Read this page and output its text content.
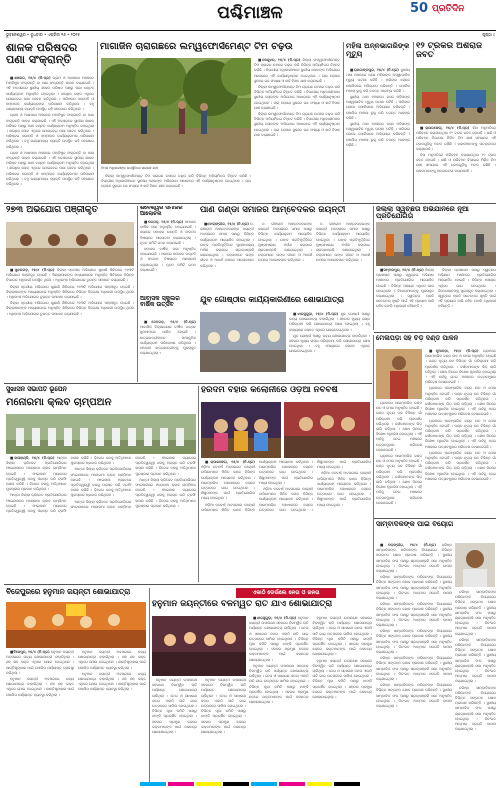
ପଶ୍ଚିମାଞ୍ଚଳ	50 ପ୍ରତିଦିନ
ଭୁବନେଶ୍ୱର • ବୁଧବାର • ଏପ୍ରିଲ ୧୬ • ୨୦୨୫	ପୃଷ୍ଠା ୯
ଶାଳକ ପରିଷଦର ପଣା ସଂକ୍ରାନ୍ତି

■ଶାଳେର, ୧୫/୪ (ନି.ପ୍ର) ଗ୍ରାମ ଓ ଆଖପାଖ ଅଞ୍ଚଳରେ ମହାବିଷୁବ ସଂକ୍ରାନ୍ତି ବା ପଣା ସଂକ୍ରାନ୍ତି ପାଳନ କରାଯାଇଛି । ଏହି ଅବସରରେ ସ୍ଥାନୀୟ ଶାଳକ ପରିଷଦ ପକ୍ଷରୁ ପଣା ବଣ୍ଟନ କାର୍ଯ୍ୟକ୍ରମ ଅନୁଷ୍ଠିତ ହୋଇଥିଲା । ଶତାଧିକ ଲୋକ ଏଥିରେ ଯୋଗଦେଇ ପଣା ସେବନ କରିଥିଲେ । ପରିଷଦର ସଭାପତି ଓ ସମ୍ପାଦକ କାର୍ଯ୍ୟକ୍ରମର ପରିଚାଳନା କରିଥିଲେ । ବହୁ ଗଣ୍ୟମାନ୍ୟ ବ୍ୟକ୍ତି ଉପସ୍ଥିତ ରହି ସହଯୋଗ କରିଥିଲେ ।

ଗ୍ରାମ ଓ ଆଖପାଖ ଅଞ୍ଚଳରେ ମହାବିଷୁବ ସଂକ୍ରାନ୍ତି ବା ପଣା ସଂକ୍ରାନ୍ତି ପାଳନ କରାଯାଇଛି । ଏହି ଅବସରରେ ସ୍ଥାନୀୟ ଶାଳକ ପରିଷଦ ପକ୍ଷରୁ ପଣା ବଣ୍ଟନ କାର୍ଯ୍ୟକ୍ରମ ଅନୁଷ୍ଠିତ ହୋଇଥିଲା । ଶତାଧିକ ଲୋକ ଏଥିରେ ଯୋଗଦେଇ ପଣା ସେବନ କରିଥିଲେ । ପରିଷଦର ସଭାପତି ଓ ସମ୍ପାଦକ କାର୍ଯ୍ୟକ୍ରମର ପରିଚାଳନା କରିଥିଲେ । ବହୁ ଗଣ୍ୟମାନ୍ୟ ବ୍ୟକ୍ତି ଉପସ୍ଥିତ ରହି ସହଯୋଗ କରିଥିଲେ ।

ଗ୍ରାମ ଓ ଆଖପାଖ ଅଞ୍ଚଳରେ ମହାବିଷୁବ ସଂକ୍ରାନ୍ତି ବା ପଣା ସଂକ୍ରାନ୍ତି ପାଳନ କରାଯାଇଛି । ଏହି ଅବସରରେ ସ୍ଥାନୀୟ ଶାଳକ ପରିଷଦ ପକ୍ଷରୁ ପଣା ବଣ୍ଟନ କାର୍ଯ୍ୟକ୍ରମ ଅନୁଷ୍ଠିତ ହୋଇଥିଲା । ଶତାଧିକ ଲୋକ ଏଥିରେ ଯୋଗଦେଇ ପଣା ସେବନ କରିଥିଲେ । ପରିଷଦର ସଭାପତି ଓ ସମ୍ପାଦକ କାର୍ଯ୍ୟକ୍ରମର ପରିଚାଳନା କରିଥିଲେ । ବହୁ ଗଣ୍ୟମାନ୍ୟ ବ୍ୟକ୍ତି ଉପସ୍ଥିତ ରହି ସହଯୋଗ କରିଥିଲେ ।

ମାଗାଜିନ ଚାରାଗଛରେ ଲମ୍ୱଫୋର୍ସମେଣ୍ଟ ଟିମ ଚଢ଼ଉ
ଟିମର ଅଧିକାରୀଙ୍କ ଉପସ୍ଥିତିରେ ଚାରାଗଛ ଯାଞ୍ଚ

■କେନ୍ଦୁଝର, ୧୫/୪ (ନି.ପ୍ର) ଜିଲ୍ଲା ଲମ୍ୱଫୋର୍ସମେଣ୍ଟ ଟିମ ଚାରାଗଛ ଉପରେ ଚଢ଼ଉ କରି ବିଭିନ୍ନ ଅନିୟମିତତା ଚିହ୍ନଟ କରିଛି । ବିଭାଗୀୟ ଅଧିକାରୀମାନେ ସ୍ଥାନୀୟ ଲୋକଙ୍କ ଅଭିଯୋଗ ଆଧାରରେ ଏହି କାର୍ଯ୍ୟାନୁଷ୍ଠାନ ନେଇଥିଲେ । ଚାରା ରୋପଣ ସ୍ଥଳରେ ଗଛ ସଂଖ୍ୟା ଓ ଖର୍ଚ୍ଚ ହିସାବ ଯାଞ୍ଚ କରାଯାଇଛି ।

ଜିଲ୍ଲା ଲମ୍ୱଫୋର୍ସମେଣ୍ଟ ଟିମ ଚାରାଗଛ ଉପରେ ଚଢ଼ଉ କରି ବିଭିନ୍ନ ଅନିୟମିତତା ଚିହ୍ନଟ କରିଛି । ବିଭାଗୀୟ ଅଧିକାରୀମାନେ ସ୍ଥାନୀୟ ଲୋକଙ୍କ ଅଭିଯୋଗ ଆଧାରରେ ଏହି କାର୍ଯ୍ୟାନୁଷ୍ଠାନ ନେଇଥିଲେ । ଚାରା ରୋପଣ ସ୍ଥଳରେ ଗଛ ସଂଖ୍ୟା ଓ ଖର୍ଚ୍ଚ ହିସାବ ଯାଞ୍ଚ କରାଯାଇଛି ।

ଜିଲ୍ଲା ଲମ୍ୱଫୋର୍ସମେଣ୍ଟ ଟିମ ଚାରାଗଛ ଉପରେ ଚଢ଼ଉ କରି ବିଭିନ୍ନ ଅନିୟମିତତା ଚିହ୍ନଟ କରିଛି । ବିଭାଗୀୟ ଅଧିକାରୀମାନେ ସ୍ଥାନୀୟ ଲୋକଙ୍କ ଅଭିଯୋଗ ଆଧାରରେ ଏହି କାର୍ଯ୍ୟାନୁଷ୍ଠାନ ନେଇଥିଲେ । ଚାରା ରୋପଣ ସ୍ଥଳରେ ଗଛ ସଂଖ୍ୟା ଓ ଖର୍ଚ୍ଚ ହିସାବ ଯାଞ୍ଚ କରାଯାଇଛି ।

ଜିଲ୍ଲା ଲମ୍ୱଫୋର୍ସମେଣ୍ଟ ଟିମ ଚାରାଗଛ ଉପରେ ଚଢ଼ଉ କରି ବିଭିନ୍ନ ଅନିୟମିତତା ଚିହ୍ନଟ କରିଛି । ବିଭାଗୀୟ ଅଧିକାରୀମାନେ ସ୍ଥାନୀୟ ଲୋକଙ୍କ ଅଭିଯୋଗ ଆଧାରରେ ଏହି କାର୍ଯ୍ୟାନୁଷ୍ଠାନ ନେଇଥିଲେ । ଚାରା ରୋପଣ ସ୍ଥଳରେ ଗଛ ସଂଖ୍ୟା ଓ ଖର୍ଚ୍ଚ ହିସାବ ଯାଞ୍ଚ କରାଯାଇଛି ।

ମହିଳା ଅନ୍ନଭାଗରିଙ୍କ ମୃତ୍ୟୁ

■ରାଜଗାଙ୍ଗପୁର, ୧୫/୪ (ନି.ପ୍ର) ସ୍ଥାନୀୟ ଥାନା ଅଞ୍ଚଳରେ ଜଣେ ମହିଳାଙ୍କ ଅସ୍ୱାଭାବିକ ମୃତ୍ୟୁ ଘଟଣା ଘଟିଛି । ପରିବାର ଲୋକେ ପୋଲିସରେ ଅଭିଯୋଗ କରିଛନ୍ତି । ପୋଲିସ ମାମଲା ରୁଜୁ କରି ତଦନ୍ତ ଆରମ୍ଭ କରିଛି ।

ସ୍ଥାନୀୟ ଥାନା ଅଞ୍ଚଳରେ ଜଣେ ମହିଳାଙ୍କ ଅସ୍ୱାଭାବିକ ମୃତ୍ୟୁ ଘଟଣା ଘଟିଛି । ପରିବାର ଲୋକେ ପୋଲିସରେ ଅଭିଯୋଗ କରିଛନ୍ତି । ପୋଲିସ ମାମଲା ରୁଜୁ କରି ତଦନ୍ତ ଆରମ୍ଭ କରିଛି ।

ସ୍ଥାନୀୟ ଥାନା ଅଞ୍ଚଳରେ ଜଣେ ମହିଳାଙ୍କ ଅସ୍ୱାଭାବିକ ମୃତ୍ୟୁ ଘଟଣା ଘଟିଛି । ପରିବାର ଲୋକେ ପୋଲିସରେ ଅଭିଯୋଗ କରିଛନ୍ତି । ପୋଲିସ ମାମଲା ରୁଜୁ କରି ତଦନ୍ତ ଆରମ୍ଭ କରିଛି ।

୧୨ ଟ୍ରକର ଅଁଶିରାଜ ଜବତ

■ରାଉରକେଲା, ୧୫/୪ (ନି.ପ୍ର) ବିନା ଅନୁମତିରେ ପରିବହନ କରାଯାଉଥିବା ୧୨ ଟ୍ରକ ଜବତ ହୋଇଛି । ଖଣି ଓ ପରିବହନ ବିଭାଗର ମିଳିତ ଟିମ ଯାଞ୍ଚ ସମୟରେ ଏହି ଟ୍ରକଗୁଡ଼ିକୁ ଅଟକ ରଖିଛି । ଚାଳକମାନଙ୍କୁ ପଚରାଉଚରା କରାଯାଉଛି ।

ବିନା ଅନୁମତିରେ ପରିବହନ କରାଯାଉଥିବା ୧୨ ଟ୍ରକ ଜବତ ହୋଇଛି । ଖଣି ଓ ପରିବହନ ବିଭାଗର ମିଳିତ ଟିମ ଯାଞ୍ଚ ସମୟରେ ଏହି ଟ୍ରକଗୁଡ଼ିକୁ ଅଟକ ରଖିଛି । ଚାଳକମାନଙ୍କୁ ପଚରାଉଚରା କରାଯାଉଛି ।

୨୭୩ ଅଭିଯୋଗ ପଞ୍ଜୀକୃତ

■ସୁନ୍ଦରଗଡ଼, ୧୫/୪ (ନି.ପ୍ର) ଜିଲ୍ଲା ସ୍ତରୀୟ ଅଭିଯୋଗ ଶୁଣାଣି ଶିବିରରେ ୨୭୩ଟି ଅଭିଯୋଗ ପଞ୍ଜୀକୃତ ହୋଇଛି । ଜିଲ୍ଲାପାଳଙ୍କ ଅଧ୍ୟକ୍ଷତାରେ ଅନୁଷ୍ଠିତ ଶିବିରରେ ବିଭିନ୍ନ ବିଭାଗର ଅଧିକାରୀ ଉପସ୍ଥିତ ଥିଲେ । ଅଧିକାଂଶ ଅଭିଯୋଗର ତୁରନ୍ତ ସମାଧାନ କରାଯାଇଛି ।

ଜିଲ୍ଲା ସ୍ତରୀୟ ଅଭିଯୋଗ ଶୁଣାଣି ଶିବିରରେ ୨୭୩ଟି ଅଭିଯୋଗ ପଞ୍ଜୀକୃତ ହୋଇଛି । ଜିଲ୍ଲାପାଳଙ୍କ ଅଧ୍ୟକ୍ଷତାରେ ଅନୁଷ୍ଠିତ ଶିବିରରେ ବିଭିନ୍ନ ବିଭାଗର ଅଧିକାରୀ ଉପସ୍ଥିତ ଥିଲେ । ଅଧିକାଂଶ ଅଭିଯୋଗର ତୁରନ୍ତ ସମାଧାନ କରାଯାଇଛି ।

ଜିଲ୍ଲା ସ୍ତରୀୟ ଅଭିଯୋଗ ଶୁଣାଣି ଶିବିରରେ ୨୭୩ଟି ଅଭିଯୋଗ ପଞ୍ଜୀକୃତ ହୋଇଛି । ଜିଲ୍ଲାପାଳଙ୍କ ଅଧ୍ୟକ୍ଷତାରେ ଅନୁଷ୍ଠିତ ଶିବିରରେ ବିଭିନ୍ନ ବିଭାଗର ଅଧିକାରୀ ଉପସ୍ଥିତ ଥିଲେ । ଅଧିକାଂଶ ଅଭିଯୋଗର ତୁରନ୍ତ ସମାଧାନ କରାଯାଇଛି ।

ଶିବେଶ୍ୱର ସମାଜର ଆଲୋଚନା

■ବରଗଡ଼, ୧୫/୪ (ନି.ପ୍ର) ସମାଜର ବାର୍ଷିକ ସଭା ଅନୁଷ୍ଠିତ ହୋଇଯାଇଛି । ସଭାରେ ସମାଜର ଉନ୍ନତି ଓ ସଂଗଠନ ବିଷୟରେ ଆଲୋଚନା କରାଯାଇଥିଲା । ନୂତନ କମିଟି ଗଠନ କରାଯାଇଛି ।

ସମାଜର ବାର୍ଷିକ ସଭା ଅନୁଷ୍ଠିତ ହୋଇଯାଇଛି । ସଭାରେ ସମାଜର ଉନ୍ନତି ଓ ସଂଗଠନ ବିଷୟରେ ଆଲୋଚନା କରାଯାଇଥିଲା । ନୂତନ କମିଟି ଗଠନ କରାଯାଇଛି ।

ପାଣି ଗଣ୍ଡା ସମାଜର ଆମ୍ବେଦକର ଜୟନ୍ତୀ

■ବୋଲାଙ୍ଗୀର, ୧୫/୪ (ନି.ପ୍ର) ଡ. ଭୀମରାଓ ଆମ୍ବେଦକରଙ୍କ ଜୟନ୍ତୀ ଅବସରରେ ସମାଜ ପକ୍ଷରୁ ବିଭିନ୍ନ କାର୍ଯ୍ୟକ୍ରମ ଆୟୋଜିତ ହୋଇଥିଲା । ତାଙ୍କ ପ୍ରତିମୂର୍ତ୍ତିରେ ପୁଷ୍ପମାଲ୍ୟ ଅର୍ପଣ କରାଯାଇ ଶ୍ରଦ୍ଧାଞ୍ଜଳି ଜଣାଯାଇଥିଲା । ବକ୍ତାମାନେ ତାଙ୍କ ଜୀବନ ଓ ଆଦର୍ଶ ଉପରେ ଆଲୋକପାତ କରିଥିଲେ ।

ଡ. ଭୀମରାଓ ଆମ୍ବେଦକରଙ୍କ ଜୟନ୍ତୀ ଅବସରରେ ସମାଜ ପକ୍ଷରୁ ବିଭିନ୍ନ କାର୍ଯ୍ୟକ୍ରମ ଆୟୋଜିତ ହୋଇଥିଲା । ତାଙ୍କ ପ୍ରତିମୂର୍ତ୍ତିରେ ପୁଷ୍ପମାଲ୍ୟ ଅର୍ପଣ କରାଯାଇ ଶ୍ରଦ୍ଧାଞ୍ଜଳି ଜଣାଯାଇଥିଲା । ବକ୍ତାମାନେ ତାଙ୍କ ଜୀବନ ଓ ଆଦର୍ଶ ଉପରେ ଆଲୋକପାତ କରିଥିଲେ ।

ଡ. ଭୀମରାଓ ଆମ୍ବେଦକରଙ୍କ ଜୟନ୍ତୀ ଅବସରରେ ସମାଜ ପକ୍ଷରୁ ବିଭିନ୍ନ କାର୍ଯ୍ୟକ୍ରମ ଆୟୋଜିତ ହୋଇଥିଲା । ତାଙ୍କ ପ୍ରତିମୂର୍ତ୍ତିରେ ପୁଷ୍ପମାଲ୍ୟ ଅର୍ପଣ କରାଯାଇ ଶ୍ରଦ୍ଧାଞ୍ଜଳି ଜଣାଯାଇଥିଲା । ବକ୍ତାମାନେ ତାଙ୍କ ଜୀବନ ଓ ଆଦର୍ଶ ଉପରେ ଆଲୋକପାତ କରିଥିଲେ ।

ଜିଲ୍ଲା ସ୍ୱଚ୍ଛତା ଅଭିଯାନରେ ନୂଆ ପ୍ରତିଯୋଗିତା

■ସମ୍ବଲପୁର, ୧୫/୪ (ନି.ପ୍ର) ଜିଲ୍ଲା ପ୍ରଶାସନ ପକ୍ଷରୁ ସ୍ୱଚ୍ଛତା ଅଭିଯାନ ଅଧୀନରେ ପ୍ରତିଯୋଗିତା ଆୟୋଜିତ ହୋଇଛି । ବିଭିନ୍ନ ପଞ୍ଚାୟତ ଏଥିରେ ଭାଗ ନେଇଥିଲେ । ବିଜେତାମାନଙ୍କୁ ପୁରସ୍କୃତ କରାଯାଇଥିଲା । ସ୍ୱଚ୍ଛତା ପ୍ରତି ସଚେତନତା ସୃଷ୍ଟି ପାଇଁ ଏହି ପ୍ରୟାସ ଜାରି ରହିବ ବୋଲି ଅଧିକାରୀ କହିଛନ୍ତି ।

ଜିଲ୍ଲା ପ୍ରଶାସନ ପକ୍ଷରୁ ସ୍ୱଚ୍ଛତା ଅଭିଯାନ ଅଧୀନରେ ପ୍ରତିଯୋଗିତା ଆୟୋଜିତ ହୋଇଛି । ବିଭିନ୍ନ ପଞ୍ଚାୟତ ଏଥିରେ ଭାଗ ନେଇଥିଲେ । ବିଜେତାମାନଙ୍କୁ ପୁରସ୍କୃତ କରାଯାଇଥିଲା । ସ୍ୱଚ୍ଛତା ପ୍ରତି ସଚେତନତା ସୃଷ୍ଟି ପାଇଁ ଏହି ପ୍ରୟାସ ଜାରି ରହିବ ବୋଲି ଅଧିକାରୀ କହିଛନ୍ତି ।

ଯୁବ ଗୋଷ୍ଠୀର କାର୍ଯ୍ୟକାରିଣୀରେ ଶୋଭାଯାତ୍ରା

■ଝାରସୁଗୁଡ଼ା, ୧୫/୪ (ନି.ପ୍ର) ଯୁବ ଗୋଷ୍ଠୀ ପକ୍ଷରୁ ଭବ୍ୟ ଶୋଭାଯାତ୍ରା ବାହାରିଥିଲା । ସହରର ମୁଖ୍ୟ ରାସ୍ତା ପରିକ୍ରମା କରି ଶୋଭାଯାତ୍ରା ଶେଷ ହୋଇଥିଲା । ବହୁ ସଂଖ୍ୟାରେ ଲୋକେ ଏଥିରେ ଯୋଗଦେଇଥିଲେ ।

ଯୁବ ଗୋଷ୍ଠୀ ପକ୍ଷରୁ ଭବ୍ୟ ଶୋଭାଯାତ୍ରା ବାହାରିଥିଲା । ସହରର ମୁଖ୍ୟ ରାସ୍ତା ପରିକ୍ରମା କରି ଶୋଭାଯାତ୍ରା ଶେଷ ହୋଇଥିଲା । ବହୁ ସଂଖ୍ୟାରେ ଲୋକେ ଏଥିରେ ଯୋଗଦେଇଥିଲେ ।

ଆବାସିକ ସ୍କୁଲର ବାର୍ଷିକ ଉତ୍ସବ

■ଦେବଗଡ଼, ୧୫/୪ (ନି.ପ୍ର) ଆବାସିକ ବିଦ୍ୟାଳୟର ବାର୍ଷିକ ଉତ୍ସବ ଧୁମଧାମରେ ପାଳିତ ହୋଇଛି । ଛାତ୍ରଛାତ୍ରୀମାନେ ସାଂସ୍କୃତିକ କାର୍ଯ୍ୟକ୍ରମ ପରିବେଷଣ କରିଥିଲେ । ମେଧାବୀ ଛାତ୍ରଛାତ୍ରୀଙ୍କୁ ପୁରସ୍କୃତ କରାଯାଇଥିଲା ।

ମେଳାପଡ଼ା ସହ ଚିଡ଼ି ଦଣ୍ଡ ପାଳନ

■ନୂଆପଡ଼ା, ୧୫/୪ (ନି.ପ୍ର) ଗ୍ରାମରେ ପାରମ୍ପରିକ ଦଣ୍ଡ ନାଚ ଓ ମେଳା ଅନୁଷ୍ଠିତ ହୋଇଛି । ଦଣ୍ଡ ନୃତ୍ୟ ଦଳ ବିଭିନ୍ନ ଗାଁ ପରିକ୍ରମା କରି ପ୍ରଦର୍ଶନ କରିଥିଲେ । ଦର୍ଶକମାନଙ୍କ ଭିଡ଼ ଲାଗି ରହିଥିଲା । ଶେଷ ଦିନରେ ବିଶେଷ ପୂଜାର୍ଚ୍ଚନା ହୋଇଥିଲା । ଏହି ପର୍ବକୁ ନେଇ ଅଞ୍ଚଳରେ ଉତ୍ସବମୁଖର ପରିବେଶ ଦେଖାଦେଇଛି ।

ଗ୍ରାମରେ ପାରମ୍ପରିକ ଦଣ୍ଡ ନାଚ ଓ ମେଳା ଅନୁଷ୍ଠିତ ହୋଇଛି । ଦଣ୍ଡ ନୃତ୍ୟ ଦଳ ବିଭିନ୍ନ ଗାଁ ପରିକ୍ରମା କରି ପ୍ରଦର୍ଶନ କରିଥିଲେ । ଦର୍ଶକମାନଙ୍କ ଭିଡ଼ ଲାଗି ରହିଥିଲା । ଶେଷ ଦିନରେ ବିଶେଷ ପୂଜାର୍ଚ୍ଚନା ହୋଇଥିଲା । ଏହି ପର୍ବକୁ ନେଇ ଅଞ୍ଚଳରେ ଉତ୍ସବମୁଖର ପରିବେଶ ଦେଖାଦେଇଛି ।

ଗ୍ରାମରେ ପାରମ୍ପରିକ ଦଣ୍ଡ ନାଚ ଓ ମେଳା ଅନୁଷ୍ଠିତ ହୋଇଛି । ଦଣ୍ଡ ନୃତ୍ୟ ଦଳ ବିଭିନ୍ନ ଗାଁ ପରିକ୍ରମା କରି ପ୍ରଦର୍ଶନ କରିଥିଲେ । ଦର୍ଶକମାନଙ୍କ ଭିଡ଼ ଲାଗି ରହିଥିଲା । ଶେଷ ଦିନରେ ବିଶେଷ ପୂଜାର୍ଚ୍ଚନା ହୋଇଥିଲା । ଏହି ପର୍ବକୁ ନେଇ ଅଞ୍ଚଳରେ ଉତ୍ସବମୁଖର ପରିବେଶ ଦେଖାଦେଇଛି ।

ଗ୍ରାମରେ ପାରମ୍ପରିକ ଦଣ୍ଡ ନାଚ ଓ ମେଳା ଅନୁଷ୍ଠିତ ହୋଇଛି । ଦଣ୍ଡ ନୃତ୍ୟ ଦଳ ବିଭିନ୍ନ ଗାଁ ପରିକ୍ରମା କରି ପ୍ରଦର୍ଶନ କରିଥିଲେ । ଦର୍ଶକମାନଙ୍କ ଭିଡ଼ ଲାଗି ରହିଥିଲା । ଶେଷ ଦିନରେ ବିଶେଷ ପୂଜାର୍ଚ୍ଚନା ହୋଇଥିଲା । ଏହି ପର୍ବକୁ ନେଇ ଅଞ୍ଚଳରେ ଉତ୍ସବମୁଖର ପରିବେଶ ଦେଖାଦେଇଛି ।

ଗ୍ରାମରେ ପାରମ୍ପରିକ ଦଣ୍ଡ ନାଚ ଓ ମେଳା ଅନୁଷ୍ଠିତ ହୋଇଛି । ଦଣ୍ଡ ନୃତ୍ୟ ଦଳ ବିଭିନ୍ନ ଗାଁ ପରିକ୍ରମା କରି ପ୍ରଦର୍ଶନ କରିଥିଲେ । ଦର୍ଶକମାନଙ୍କ ଭିଡ଼ ଲାଗି ରହିଥିଲା । ଶେଷ ଦିନରେ ବିଶେଷ ପୂଜାର୍ଚ୍ଚନା ହୋଇଥିଲା । ଏହି ପର୍ବକୁ ନେଇ ଅଞ୍ଚଳରେ ଉତ୍ସବମୁଖର ପରିବେଶ ଦେଖାଦେଇଛି ।

ଗ୍ରାମରେ ପାରମ୍ପରିକ ଦଣ୍ଡ ନାଚ ଓ ମେଳା ଅନୁଷ୍ଠିତ ହୋଇଛି । ଦଣ୍ଡ ନୃତ୍ୟ ଦଳ ବିଭିନ୍ନ ଗାଁ ପରିକ୍ରମା କରି ପ୍ରଦର୍ଶନ କରିଥିଲେ । ଦର୍ଶକମାନଙ୍କ ଭିଡ଼ ଲାଗି ରହିଥିଲା । ଶେଷ ଦିନରେ ବିଶେଷ ପୂଜାର୍ଚ୍ଚନା ହୋଇଥିଲା । ଏହି ପର୍ବକୁ ନେଇ ଅଞ୍ଚଳରେ ଉତ୍ସବମୁଖର ପରିବେଶ ଦେଖାଦେଇଛି ।

ସୁଖାସନ ସଭାପତି ଭୂପେନ
ମନୋରମା କ୍ଲବ ଚାମ୍ପିଅନ

■କଳାହାଣ୍ଡି, ୧୫/୪ (ନି.ପ୍ର) ଆନ୍ତଃ ଜିଲ୍ଲା କ୍ରିକେଟ ପ୍ରତିଯୋଗିତାର ଫାଇନାଲରେ ମନୋରମା କ୍ଲବ ଚାମ୍ପିଅନ ହୋଇଛି । ଫାଇନାଲ ମ୍ୟାଚରେ ପ୍ରତିଦ୍ୱନ୍ଦ୍ୱୀ ଦଳକୁ ପରାସ୍ତ କରି ଟ୍ରଫି ହାସଲ କରିଛି । ବିଜେତା ଦଳକୁ ଅତିଥିମାନେ ପୁରସ୍କାର ପ୍ରଦାନ କରିଥିଲେ ।

ଆନ୍ତଃ ଜିଲ୍ଲା କ୍ରିକେଟ ପ୍ରତିଯୋଗିତାର ଫାଇନାଲରେ ମନୋରମା କ୍ଲବ ଚାମ୍ପିଅନ ହୋଇଛି । ଫାଇନାଲ ମ୍ୟାଚରେ ପ୍ରତିଦ୍ୱନ୍ଦ୍ୱୀ ଦଳକୁ ପରାସ୍ତ କରି ଟ୍ରଫି ହାସଲ କରିଛି । ବିଜେତା ଦଳକୁ ଅତିଥିମାନେ ପୁରସ୍କାର ପ୍ରଦାନ କରିଥିଲେ ।

ଆନ୍ତଃ ଜିଲ୍ଲା କ୍ରିକେଟ ପ୍ରତିଯୋଗିତାର ଫାଇନାଲରେ ମନୋରମା କ୍ଲବ ଚାମ୍ପିଅନ ହୋଇଛି । ଫାଇନାଲ ମ୍ୟାଚରେ ପ୍ରତିଦ୍ୱନ୍ଦ୍ୱୀ ଦଳକୁ ପରାସ୍ତ କରି ଟ୍ରଫି ହାସଲ କରିଛି । ବିଜେତା ଦଳକୁ ଅତିଥିମାନେ ପୁରସ୍କାର ପ୍ରଦାନ କରିଥିଲେ ।

ଆନ୍ତଃ ଜିଲ୍ଲା କ୍ରିକେଟ ପ୍ରତିଯୋଗିତାର ଫାଇନାଲରେ ମନୋରମା କ୍ଲବ ଚାମ୍ପିଅନ ହୋଇଛି । ଫାଇନାଲ ମ୍ୟାଚରେ ପ୍ରତିଦ୍ୱନ୍ଦ୍ୱୀ ଦଳକୁ ପରାସ୍ତ କରି ଟ୍ରଫି ହାସଲ କରିଛି । ବିଜେତା ଦଳକୁ ଅତିଥିମାନେ ପୁରସ୍କାର ପ୍ରଦାନ କରିଥିଲେ ।

ଆନ୍ତଃ ଜିଲ୍ଲା କ୍ରିକେଟ ପ୍ରତିଯୋଗିତାର ଫାଇନାଲରେ ମନୋରମା କ୍ଲବ ଚାମ୍ପିଅନ ହୋଇଛି । ଫାଇନାଲ ମ୍ୟାଚରେ ପ୍ରତିଦ୍ୱନ୍ଦ୍ୱୀ ଦଳକୁ ପରାସ୍ତ କରି ଟ୍ରଫି ହାସଲ କରିଛି । ବିଜେତା ଦଳକୁ ଅତିଥିମାନେ ପୁରସ୍କାର ପ୍ରଦାନ କରିଥିଲେ ।

ହରିଦମ ବିହାର କଲୋନୀରେ ଓଡ଼ିଆ ନବବର୍ଷ

■ରାଉରକେଲା, ୧୫/୪ (ନି.ପ୍ର) ଓଡ଼ିଆ ନବବର୍ଷ ଅବସରରେ କଲୋନୀ ବାସିନ୍ଦାମାନେ ମିଳିତ ଭାବେ ବିଭିନ୍ନ କାର୍ଯ୍ୟକ୍ରମ ଆୟୋଜନ କରିଥିଲେ । ପାରମ୍ପରିକ ପୋଷାକରେ ଲୋକେ ଉତ୍ସବରେ ଭାଗ ନେଇଥିଲେ । ଶିଶୁମାନଙ୍କ ପାଇଁ ପ୍ରତିଯୋଗିତା ମଧ୍ୟ ହୋଇଥିଲା ।

ଓଡ଼ିଆ ନବବର୍ଷ ଅବସରରେ କଲୋନୀ ବାସିନ୍ଦାମାନେ ମିଳିତ ଭାବେ ବିଭିନ୍ନ କାର୍ଯ୍ୟକ୍ରମ ଆୟୋଜନ କରିଥିଲେ । ପାରମ୍ପରିକ ପୋଷାକରେ ଲୋକେ ଉତ୍ସବରେ ଭାଗ ନେଇଥିଲେ । ଶିଶୁମାନଙ୍କ ପାଇଁ ପ୍ରତିଯୋଗିତା ମଧ୍ୟ ହୋଇଥିଲା ।

ଓଡ଼ିଆ ନବବର୍ଷ ଅବସରରେ କଲୋନୀ ବାସିନ୍ଦାମାନେ ମିଳିତ ଭାବେ ବିଭିନ୍ନ କାର୍ଯ୍ୟକ୍ରମ ଆୟୋଜନ କରିଥିଲେ । ପାରମ୍ପରିକ ପୋଷାକରେ ଲୋକେ ଉତ୍ସବରେ ଭାଗ ନେଇଥିଲେ । ଶିଶୁମାନଙ୍କ ପାଇଁ ପ୍ରତିଯୋଗିତା ମଧ୍ୟ ହୋଇଥିଲା ।

ଓଡ଼ିଆ ନବବର୍ଷ ଅବସରରେ କଲୋନୀ ବାସିନ୍ଦାମାନେ ମିଳିତ ଭାବେ ବିଭିନ୍ନ କାର୍ଯ୍ୟକ୍ରମ ଆୟୋଜନ କରିଥିଲେ । ପାରମ୍ପରିକ ପୋଷାକରେ ଲୋକେ ଉତ୍ସବରେ ଭାଗ ନେଇଥିଲେ । ଶିଶୁମାନଙ୍କ ପାଇଁ ପ୍ରତିଯୋଗିତା ମଧ୍ୟ ହୋଇଥିଲା ।

ସାମ୍ବାଦିକଙ୍କ ପାଇଁ ବିୟୋଗ

■ବଲାଙ୍ଗୀର, ୧୫/୪ (ନି.ପ୍ର) ବରିଷ୍ଠ ସାମ୍ବାଦିକଙ୍କ ପରିଜନଙ୍କ ବିୟୋଗରେ ବିଭିନ୍ନ ସଙ୍ଗଠନ ଶୋକ ପ୍ରକାଶ କରିଛନ୍ତି । ସ୍ଥାନୀୟ ସାମ୍ବାଦିକ ସଂଘ ପକ୍ଷରୁ ଶ୍ରଦ୍ଧାଞ୍ଜଳି ସଭା ଅନୁଷ୍ଠିତ ହୋଇଥିଲା । ଦିବଂଗତ ଆତ୍ମାର ସଦଗତି କାମନା କରାଯାଇଥିଲା ।

ବରିଷ୍ଠ ସାମ୍ବାଦିକଙ୍କ ପରିଜନଙ୍କ ବିୟୋଗରେ ବିଭିନ୍ନ ସଙ୍ଗଠନ ଶୋକ ପ୍ରକାଶ କରିଛନ୍ତି । ସ୍ଥାନୀୟ ସାମ୍ବାଦିକ ସଂଘ ପକ୍ଷରୁ ଶ୍ରଦ୍ଧାଞ୍ଜଳି ସଭା ଅନୁଷ୍ଠିତ ହୋଇଥିଲା । ଦିବଂଗତ ଆତ୍ମାର ସଦଗତି କାମନା କରାଯାଇଥିଲା ।

ବରିଷ୍ଠ ସାମ୍ବାଦିକଙ୍କ ପରିଜନଙ୍କ ବିୟୋଗରେ ବିଭିନ୍ନ ସଙ୍ଗଠନ ଶୋକ ପ୍ରକାଶ କରିଛନ୍ତି । ସ୍ଥାନୀୟ ସାମ୍ବାଦିକ ସଂଘ ପକ୍ଷରୁ ଶ୍ରଦ୍ଧାଞ୍ଜଳି ସଭା ଅନୁଷ୍ଠିତ ହୋଇଥିଲା । ଦିବଂଗତ ଆତ୍ମାର ସଦଗତି କାମନା କରାଯାଇଥିଲା ।

ବରିଷ୍ଠ ସାମ୍ବାଦିକଙ୍କ ପରିଜନଙ୍କ ବିୟୋଗରେ ବିଭିନ୍ନ ସଙ୍ଗଠନ ଶୋକ ପ୍ରକାଶ କରିଛନ୍ତି । ସ୍ଥାନୀୟ ସାମ୍ବାଦିକ ସଂଘ ପକ୍ଷରୁ ଶ୍ରଦ୍ଧାଞ୍ଜଳି ସଭା ଅନୁଷ୍ଠିତ ହୋଇଥିଲା । ଦିବଂଗତ ଆତ୍ମାର ସଦଗତି କାମନା କରାଯାଇଥିଲା ।

ବରିଷ୍ଠ ସାମ୍ବାଦିକଙ୍କ ପରିଜନଙ୍କ ବିୟୋଗରେ ବିଭିନ୍ନ ସଙ୍ଗଠନ ଶୋକ ପ୍ରକାଶ କରିଛନ୍ତି । ସ୍ଥାନୀୟ ସାମ୍ବାଦିକ ସଂଘ ପକ୍ଷରୁ ଶ୍ରଦ୍ଧାଞ୍ଜଳି ସଭା ଅନୁଷ୍ଠିତ ହୋଇଥିଲା । ଦିବଂଗତ ଆତ୍ମାର ସଦଗତି କାମନା କରାଯାଇଥିଲା ।

ବରିଷ୍ଠ ସାମ୍ବାଦିକଙ୍କ ପରିଜନଙ୍କ ବିୟୋଗରେ ବିଭିନ୍ନ ସଙ୍ଗଠନ ଶୋକ ପ୍ରକାଶ କରିଛନ୍ତି । ସ୍ଥାନୀୟ ସାମ୍ବାଦିକ ସଂଘ ପକ୍ଷରୁ ଶ୍ରଦ୍ଧାଞ୍ଜଳି ସଭା ଅନୁଷ୍ଠିତ ହୋଇଥିଲା । ଦିବଂଗତ ଆତ୍ମାର ସଦଗତି କାମନା କରାଯାଇଥିଲା ।

ବରିଷ୍ଠ ସାମ୍ବାଦିକଙ୍କ ପରିଜନଙ୍କ ବିୟୋଗରେ ବିଭିନ୍ନ ସଙ୍ଗଠନ ଶୋକ ପ୍ରକାଶ କରିଛନ୍ତି । ସ୍ଥାନୀୟ ସାମ୍ବାଦିକ ସଂଘ ପକ୍ଷରୁ ଶ୍ରଦ୍ଧାଞ୍ଜଳି ସଭା ଅନୁଷ୍ଠିତ ହୋଇଥିଲା । ଦିବଂଗତ ଆତ୍ମାର ସଦଗତି କାମନା କରାଯାଇଥିଲା ।

ବରିଷ୍ଠ ସାମ୍ବାଦିକଙ୍କ ପରିଜନଙ୍କ ବିୟୋଗରେ ବିଭିନ୍ନ ସଙ୍ଗଠନ ଶୋକ ପ୍ରକାଶ କରିଛନ୍ତି । ସ୍ଥାନୀୟ ସାମ୍ବାଦିକ ସଂଘ ପକ୍ଷରୁ ଶ୍ରଦ୍ଧାଞ୍ଜଳି ସଭା ଅନୁଷ୍ଠିତ ହୋଇଥିଲା । ଦିବଂଗତ ଆତ୍ମାର ସଦଗତି କାମନା କରାଯାଇଥିଲା ।

ବରିଷ୍ଠ ସାମ୍ବାଦିକଙ୍କ ପରିଜନଙ୍କ ବିୟୋଗରେ ବିଭିନ୍ନ ସଙ୍ଗଠନ ଶୋକ ପ୍ରକାଶ କରିଛନ୍ତି । ସ୍ଥାନୀୟ ସାମ୍ବାଦିକ ସଂଘ ପକ୍ଷରୁ ଶ୍ରଦ୍ଧାଞ୍ଜଳି ସଭା ଅନୁଷ୍ଠିତ ହୋଇଥିଲା । ଦିବଂଗତ ଆତ୍ମାର ସଦଗତି କାମନା କରାଯାଇଥିଲା ।

ବିଜେପୁରରେ ହନୁମାନ ଜୟନ୍ତୀ ଶୋଭାଯାତ୍ରା

■ବିଜେପୁର, ୧୫/୪ (ନି.ପ୍ର) ହନୁମାନ ଜୟନ୍ତୀ ଅବସରରେ ଭବ୍ୟ ଶୋଭାଯାତ୍ରା ବାହାରିଥିଲା । ଶହ ଶହ ଭକ୍ତ ଏଥିରେ ଯୋଗ ଦେଇଥିଲେ । ଶାନ୍ତିଶୃଙ୍ଖଳା ପାଇଁ ପୋଲିସ ପର୍ଯ୍ୟାପ୍ତ ବ୍ୟବସ୍ଥା କରିଥିଲା ।

ହନୁମାନ ଜୟନ୍ତୀ ଅବସରରେ ଭବ୍ୟ ଶୋଭାଯାତ୍ରା ବାହାରିଥିଲା । ଶହ ଶହ ଭକ୍ତ ଏଥିରେ ଯୋଗ ଦେଇଥିଲେ । ଶାନ୍ତିଶୃଙ୍ଖଳା ପାଇଁ ପୋଲିସ ପର୍ଯ୍ୟାପ୍ତ ବ୍ୟବସ୍ଥା କରିଥିଲା ।

ହନୁମାନ ଜୟନ୍ତୀ ଅବସରରେ ଭବ୍ୟ ଶୋଭାଯାତ୍ରା ବାହାରିଥିଲା । ଶହ ଶହ ଭକ୍ତ ଏଥିରେ ଯୋଗ ଦେଇଥିଲେ । ଶାନ୍ତିଶୃଙ୍ଖଳା ପାଇଁ ପୋଲିସ ପର୍ଯ୍ୟାପ୍ତ ବ୍ୟବସ୍ଥା କରିଥିଲା ।

ହନୁମାନ ଜୟନ୍ତୀ ଅବସରରେ ଭବ୍ୟ ଶୋଭାଯାତ୍ରା ବାହାରିଥିଲା । ଶହ ଶହ ଭକ୍ତ ଏଥିରେ ଯୋଗ ଦେଇଥିଲେ । ଶାନ୍ତିଶୃଙ୍ଖଳା ପାଇଁ ପୋଲିସ ପର୍ଯ୍ୟାପ୍ତ ବ୍ୟବସ୍ଥା କରିଥିଲା ।

ଏକାଠି ଡେଉଁଲେ ନେତା ଓ ଜନତା
ହନୁମାନ ଜୟନ୍ତୀରେ ବିଳମ୍ୱିତ ରାତି ଯାଏଁ ଶୋଭାଯାତ୍ରା

■ଝାରସୁଗୁଡ଼ା, ୧୫/୪ (ନି.ପ୍ର) ହନୁମାନ ଜୟନ୍ତୀ ଉପଲକ୍ଷେ ସହରରେ ବିଳମ୍ୱିତ ରାତି ପର୍ଯ୍ୟନ୍ତ ଶୋଭାଯାତ୍ରା ଚାଲିଥିଲା । ନେତା ଓ ସାଧାରଣ ଜନତା ଏକାଠି ନାଚି ଗାଇ ଉତ୍ସବରେ ସାମିଲ ହୋଇଥିଲେ । ବିଭିନ୍ନ ପୂଜା କମିଟି ପକ୍ଷରୁ ଝାଙ୍କି ପ୍ରଦର୍ଶିତ ହୋଇଥିଲା । ସହରର ପ୍ରମୁଖ ଛକରେ ଭକ୍ତମାନଙ୍କ ପାଇଁ ଜଳଛତ୍ର ଖୋଲାଯାଇଥିଲା ।

ହନୁମାନ ଜୟନ୍ତୀ ଉପଲକ୍ଷେ ସହରରେ ବିଳମ୍ୱିତ ରାତି ପର୍ଯ୍ୟନ୍ତ ଶୋଭାଯାତ୍ରା ଚାଲିଥିଲା । ନେତା ଓ ସାଧାରଣ ଜନତା ଏକାଠି ନାଚି ଗାଇ ଉତ୍ସବରେ ସାମିଲ ହୋଇଥିଲେ । ବିଭିନ୍ନ ପୂଜା କମିଟି ପକ୍ଷରୁ ଝାଙ୍କି ପ୍ରଦର୍ଶିତ ହୋଇଥିଲା । ସହରର ପ୍ରମୁଖ ଛକରେ ଭକ୍ତମାନଙ୍କ ପାଇଁ ଜଳଛତ୍ର ଖୋଲାଯାଇଥିଲା ।

ହନୁମାନ ଜୟନ୍ତୀ ଉପଲକ୍ଷେ ସହରରେ ବିଳମ୍ୱିତ ରାତି ପର୍ଯ୍ୟନ୍ତ ଶୋଭାଯାତ୍ରା ଚାଲିଥିଲା । ନେତା ଓ ସାଧାରଣ ଜନତା ଏକାଠି ନାଚି ଗାଇ ଉତ୍ସବରେ ସାମିଲ ହୋଇଥିଲେ । ବିଭିନ୍ନ ପୂଜା କମିଟି ପକ୍ଷରୁ ଝାଙ୍କି ପ୍ରଦର୍ଶିତ ହୋଇଥିଲା । ସହରର ପ୍ରମୁଖ ଛକରେ ଭକ୍ତମାନଙ୍କ ପାଇଁ ଜଳଛତ୍ର ଖୋଲାଯାଇଥିଲା ।

ହନୁମାନ ଜୟନ୍ତୀ ଉପଲକ୍ଷେ ସହରରେ ବିଳମ୍ୱିତ ରାତି ପର୍ଯ୍ୟନ୍ତ ଶୋଭାଯାତ୍ରା ଚାଲିଥିଲା । ନେତା ଓ ସାଧାରଣ ଜନତା ଏକାଠି ନାଚି ଗାଇ ଉତ୍ସବରେ ସାମିଲ ହୋଇଥିଲେ । ବିଭିନ୍ନ ପୂଜା କମିଟି ପକ୍ଷରୁ ଝାଙ୍କି ପ୍ରଦର୍ଶିତ ହୋଇଥିଲା । ସହରର ପ୍ରମୁଖ ଛକରେ ଭକ୍ତମାନଙ୍କ ପାଇଁ ଜଳଛତ୍ର ଖୋଲାଯାଇଥିଲା ।

ହନୁମାନ ଜୟନ୍ତୀ ଉପଲକ୍ଷେ ସହରରେ ବିଳମ୍ୱିତ ରାତି ପର୍ଯ୍ୟନ୍ତ ଶୋଭାଯାତ୍ରା ଚାଲିଥିଲା । ନେତା ଓ ସାଧାରଣ ଜନତା ଏକାଠି ନାଚି ଗାଇ ଉତ୍ସବରେ ସାମିଲ ହୋଇଥିଲେ । ବିଭିନ୍ନ ପୂଜା କମିଟି ପକ୍ଷରୁ ଝାଙ୍କି ପ୍ରଦର୍ଶିତ ହୋଇଥିଲା । ସହରର ପ୍ରମୁଖ ଛକରେ ଭକ୍ତମାନଙ୍କ ପାଇଁ ଜଳଛତ୍ର ଖୋଲାଯାଇଥିଲା ।

ହନୁମାନ ଜୟନ୍ତୀ ଉପଲକ୍ଷେ ସହରରେ ବିଳମ୍ୱିତ ରାତି ପର୍ଯ୍ୟନ୍ତ ଶୋଭାଯାତ୍ରା ଚାଲିଥିଲା । ନେତା ଓ ସାଧାରଣ ଜନତା ଏକାଠି ନାଚି ଗାଇ ଉତ୍ସବରେ ସାମିଲ ହୋଇଥିଲେ । ବିଭିନ୍ନ ପୂଜା କମିଟି ପକ୍ଷରୁ ଝାଙ୍କି ପ୍ରଦର୍ଶିତ ହୋଇଥିଲା । ସହରର ପ୍ରମୁଖ ଛକରେ ଭକ୍ତମାନଙ୍କ ପାଇଁ ଜଳଛତ୍ର ଖୋଲାଯାଇଥିଲା ।
